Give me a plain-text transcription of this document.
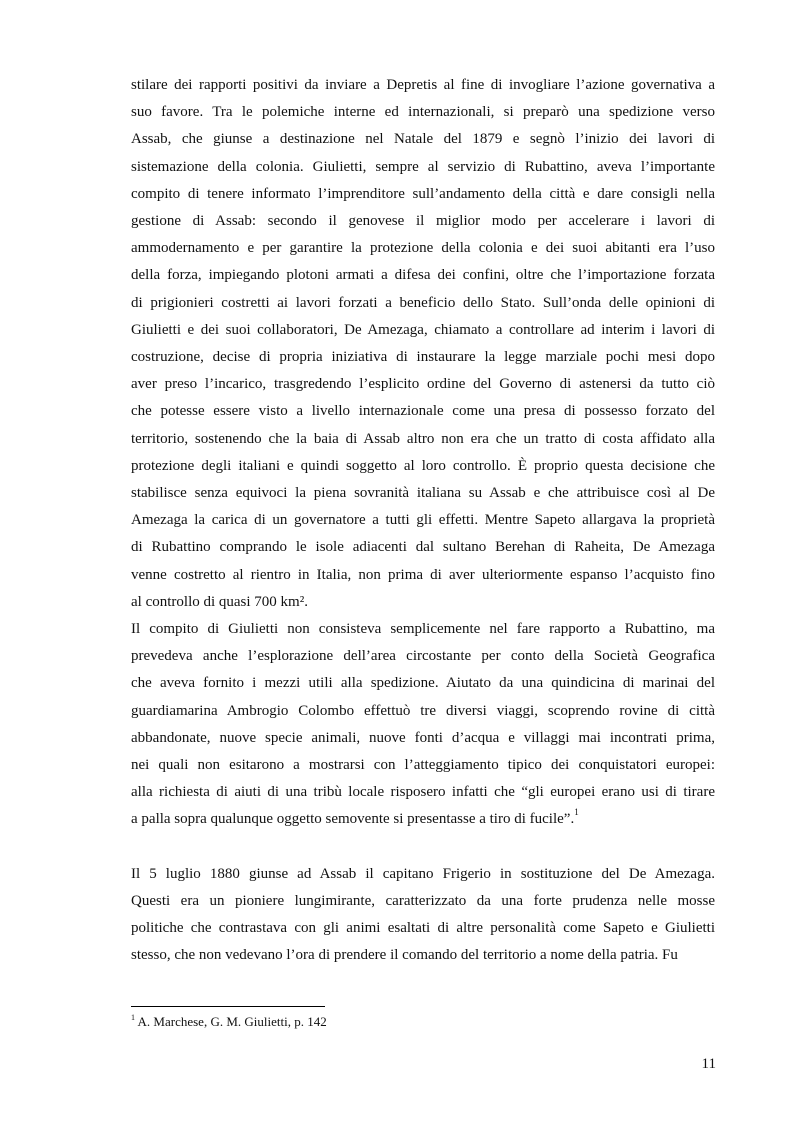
stilare dei rapporti positivi da inviare a Depretis al fine di invogliare l’azione governativa a
suo favore. Tra le polemiche interne ed internazionali, si preparò una spedizione verso
Assab, che giunse a destinazione nel Natale del 1879 e segnò l’inizio dei lavori di
sistemazione della colonia. Giulietti, sempre al servizio di Rubattino, aveva l’importante
compito di tenere informato l’imprenditore sull’andamento della città e dare consigli nella
gestione di Assab: secondo il genovese il miglior modo per accelerare i lavori di
ammodernamento e per garantire la protezione della colonia e dei suoi abitanti era l’uso
della forza, impiegando plotoni armati a difesa dei confini, oltre che l’importazione forzata
di prigionieri costretti ai lavori forzati a beneficio dello Stato. Sull’onda delle opinioni di
Giulietti e dei suoi collaboratori, De Amezaga, chiamato a controllare ad interim i lavori di
costruzione, decise di propria iniziativa di instaurare la legge marziale pochi mesi dopo
aver preso l’incarico, trasgredendo l’esplicito ordine del Governo di astenersi da tutto ciò
che potesse essere visto a livello internazionale come una presa di possesso forzato del
territorio, sostenendo che la baia di Assab altro non era che un tratto di costa affidato alla
protezione degli italiani e quindi soggetto al loro controllo. È proprio questa decisione che
stabilisce senza equivoci la piena sovranità italiana su Assab e che attribuisce così al De
Amezaga la carica di un governatore a tutti gli effetti. Mentre Sapeto allargava la proprietà
di Rubattino comprando le isole adiacenti dal sultano Berehan di Raheita, De Amezaga
venne costretto al rientro in Italia, non prima di aver ulteriormente espanso l’acquisto fino
al controllo di quasi 700 km².
Il compito di Giulietti non consisteva semplicemente nel fare rapporto a Rubattino, ma
prevedeva anche l’esplorazione dell’area circostante per conto della Società Geografica
che aveva fornito i mezzi utili alla spedizione. Aiutato da una quindicina di marinai del
guardiamarina Ambrogio Colombo effettuò tre diversi viaggi, scoprendo rovine di città
abbandonate, nuove specie animali, nuove fonti d’acqua e villaggi mai incontrati prima,
nei quali non esitarono a mostrarsi con l’atteggiamento tipico dei conquistatori europei:
alla richiesta di aiuti di una tribù locale risposero infatti che “gli europei erano usi di tirare
a palla sopra qualunque oggetto semovente si presentasse a tiro di fucile”.$^1$
Il 5 luglio 1880 giunse ad Assab il capitano Frigerio in sostituzione del De Amezaga.
Questi era un pioniere lungimirante, caratterizzato da una forte prudenza nelle mosse
politiche che contrastava con gli animi esaltati di altre personalità come Sapeto e Giulietti
stesso, che non vedevano l’ora di prendere il comando del territorio a nome della patria. Fu
$^1$ A. Marchese, G. M. Giulietti, p. 142
11
